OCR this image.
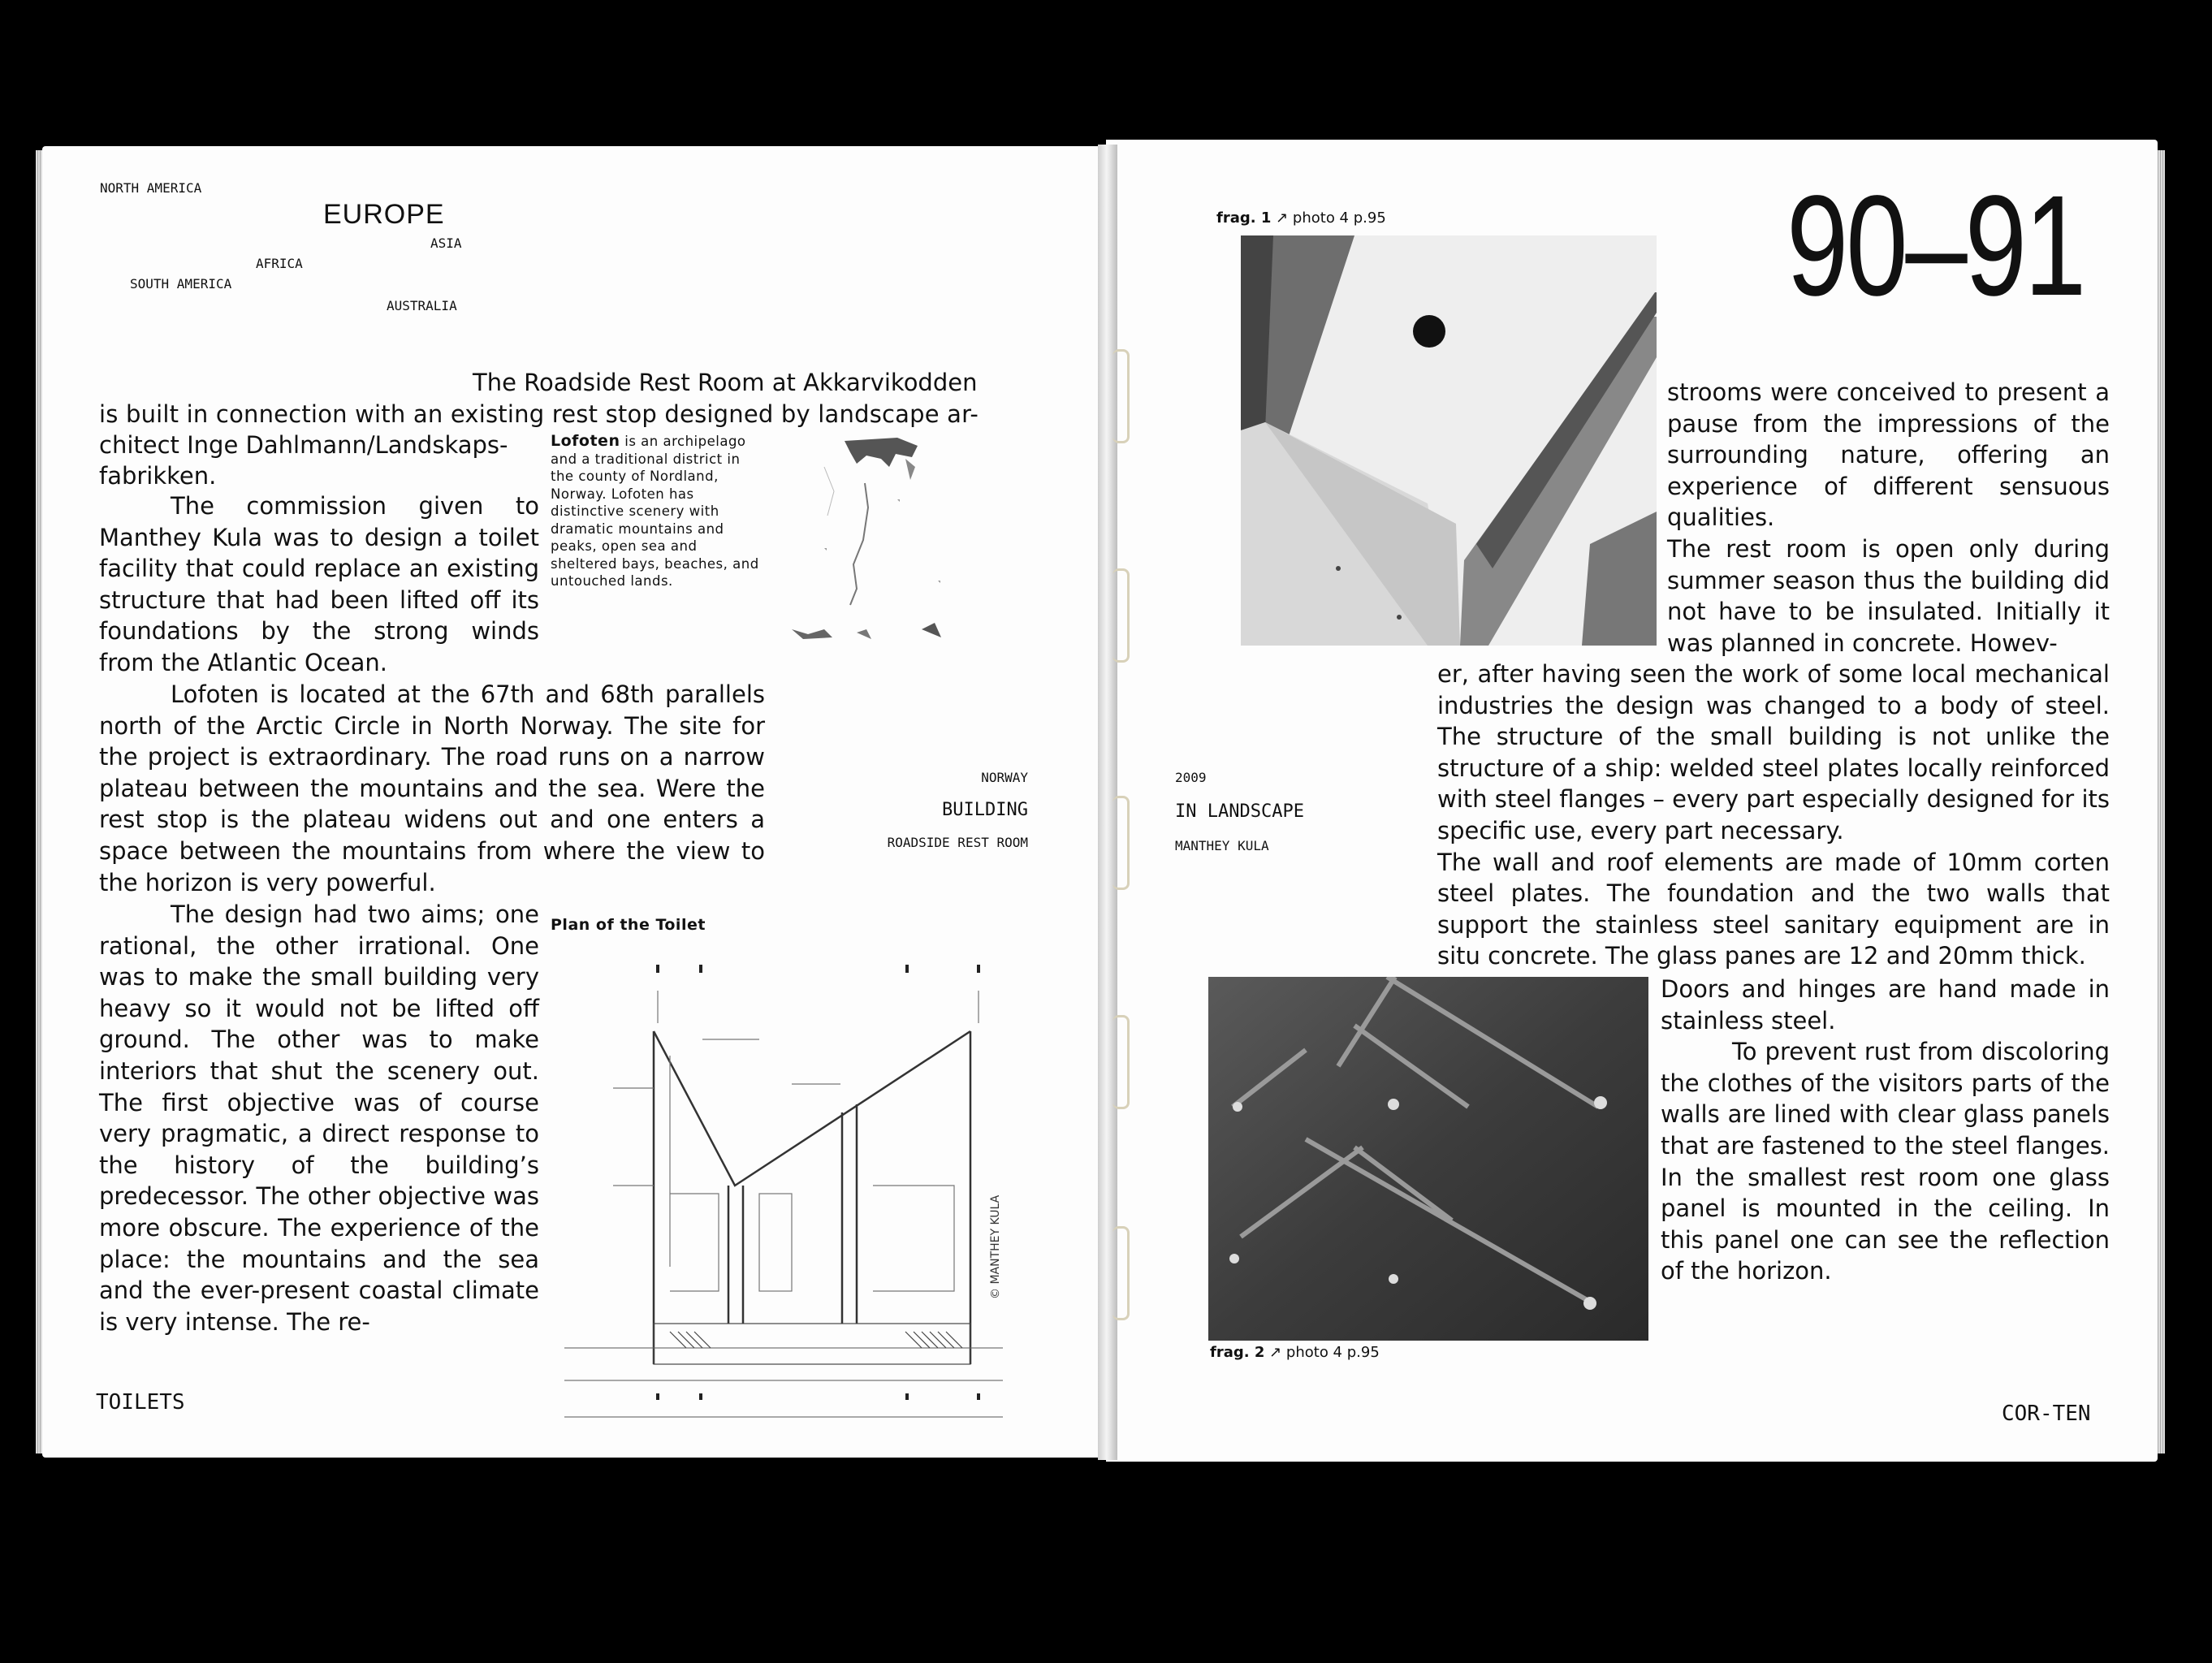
NORTH AMERICA
EUROPE
ASIA
AFRICA
SOUTH AMERICA
AUSTRALIA
The Roadside Rest Room at Akkarvikodden
is built in connection with an existing rest stop designed by landscape ar-
chitect Inge Dahlmann/Landskaps-
fabrikken.
Lofoten is an archipelago and a traditional district in the county of Nordland, Norway. Lofoten has distinctive scenery with dramatic mountains and peaks, open sea and sheltered bays, beaches, and untouched lands.

The commission given to Manthey Kula was to design a toilet facility that could replace an existing structure that had been lifted off its foundations by the strong winds from the Atlantic Ocean.

Lofoten is located at the 67th and 68th parallels north of the Arctic Circle in North Norway. The site for the project is extraordinary. The road runs on a narrow plateau between the mountains and the sea. Were the rest stop is the plateau widens out and one enters a space between the mountains from where the view to the horizon is very powerful.

The design had two aims; one rational, the other irrational. One was to make the small building very heavy so it would not be lifted off ground. The other was to make interiors that shut the scenery out. The first objective was of course very pragmatic, a direct response to the history of the building’s predecessor. The other objective was more obscure. The experience of the place: the mountains and the sea and the ever-present coastal climate is very intense. The re-

NORWAY
BUILDING
ROADSIDE REST ROOM
Plan of the Toilet
© MANTHEY KULA
TOILETS
frag. 1 ↗ photo 4 p.95	90–91

strooms were conceived to present a pause from the impressions of the surrounding nature, offering an experience of different sensuous qualities.

The rest room is open only during summer season thus the building did not have to be insulated. Initially it was planned in concrete. Howev-

er, after having seen the work of some local mechanical industries the design was changed to a body of steel. The structure of the small building is not unlike the structure of a ship: welded steel plates locally reinforced with steel flanges – every part especially designed for its specific use, every part necessary.

The wall and roof elements are made of 10mm corten steel plates. The foundation and the two walls that support the stainless steel sanitary equipment are in situ concrete. The glass panes are 12 and 20mm thick.

Doors and hinges are hand made in stainless steel.

To prevent rust from discoloring the clothes of the visitors parts of the walls are lined with clear glass panels that are fastened to the steel flanges. In the smallest rest room one glass panel is mounted in the ceiling. In this panel one can see the reflection of the horizon.

2009
IN LANDSCAPE
MANTHEY KULA
frag. 2 ↗ photo 4 p.95
COR-TEN
